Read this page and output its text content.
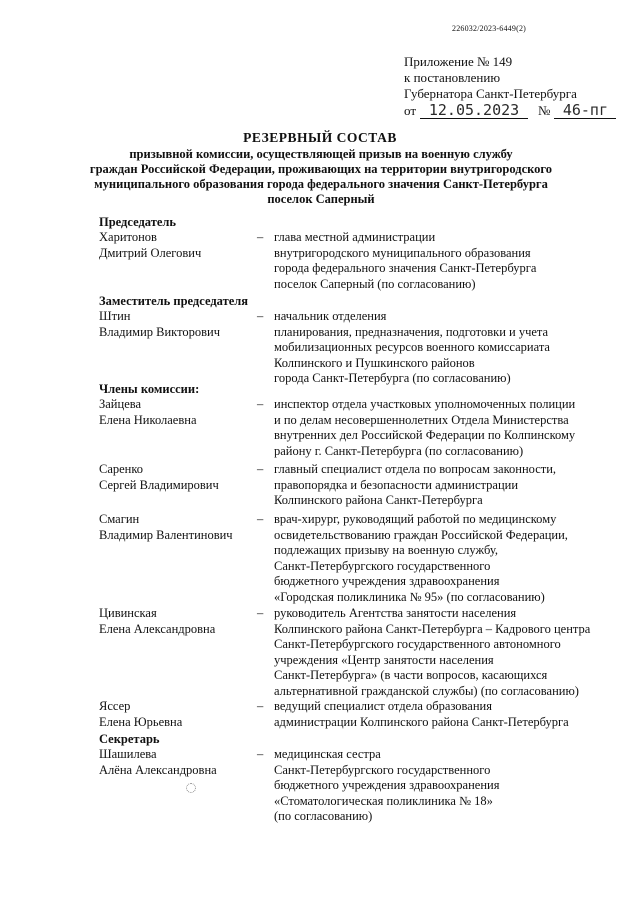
226032/2023-6449(2)
Приложение № 149
к постановлению
Губернатора Санкт-Петербурга
от 12.05.2023	№ 46-пг
РЕЗЕРВНЫЙ СОСТАВ
призывной комиссии, осуществляющей призыв на военную службу
граждан Российской Федерации, проживающих на территории внутригородского
муниципального образования города федерального значения Санкт-Петербурга
поселок Саперный
Председатель
Харитонов
Дмитрий Олегович
– глава местной администрации
внутригородского муниципального образования
города федерального значения Санкт-Петербурга
поселок Саперный (по согласованию)
Заместитель председателя
Штин
Владимир Викторович
– начальник отделения
планирования, предназначения, подготовки и учета
мобилизационных ресурсов военного комиссариата
Колпинского и Пушкинского районов
города Санкт-Петербурга (по согласованию)
Члены комиссии:
Зайцева
Елена Николаевна
– инспектор отдела участковых уполномоченных полиции
и по делам несовершеннолетних Отдела Министерства
внутренних дел Российской Федерации по Колпинскому
району г. Санкт-Петербурга (по согласованию)
Саренко
Сергей Владимирович
– главный специалист отдела по вопросам законности,
правопорядка и безопасности администрации
Колпинского района Санкт-Петербурга
Смагин
Владимир Валентинович
– врач-хирург, руководящий работой по медицинскому
освидетельствованию граждан Российской Федерации,
подлежащих призыву на военную службу,
Санкт-Петербургского государственного
бюджетного учреждения здравоохранения
«Городская поликлиника № 95» (по согласованию)
Цивинская
Елена Александровна
– руководитель Агентства занятости населения
Колпинского района Санкт-Петербурга – Кадрового центра
Санкт-Петербургского государственного автономного
учреждения «Центр занятости населения
Санкт-Петербурга» (в части вопросов, касающихся
альтернативной гражданской службы) (по согласованию)
Яссер
Елена Юрьевна
– ведущий специалист отдела образования
администрации Колпинского района Санкт-Петербурга
Секретарь
Шашилева
Алёна Александровна
– медицинская сестра
Санкт-Петербургского государственного
бюджетного учреждения здравоохранения
«Стоматологическая поликлиника № 18»
(по согласованию)
